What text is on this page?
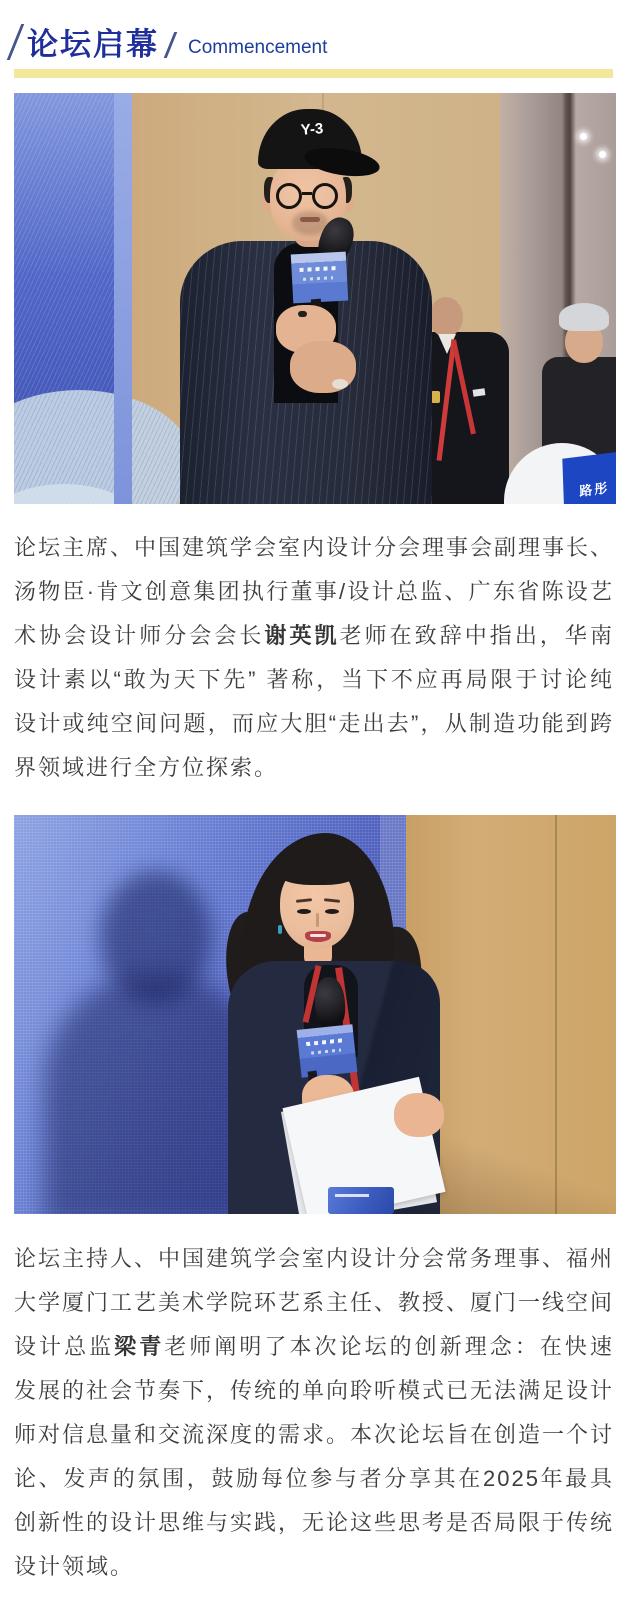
论坛启幕 Commencement
路彤
Y-3

论坛主席、中国建筑学会室内设计分会理事会副理事长、汤物臣·肯文创意集团执行董事/设计总监、广东省陈设艺术协会设计师分会会长谢英凯老师在致辞中指出，华南设计素以“敢为天下先” 著称，当下不应再局限于讨论纯设计或纯空间问题，而应大胆“走出去”，从制造功能到跨界领域进行全方位探索。

论坛主持人、中国建筑学会室内设计分会常务理事、福州大学厦门工艺美术学院环艺系主任、教授、厦门一线空间设计总监梁青老师阐明了本次论坛的创新理念：在快速发展的社会节奏下，传统的单向聆听模式已无法满足设计师对信息量和交流深度的需求。本次论坛旨在创造一个讨论、发声的氛围，鼓励每位参与者分享其在2025年最具创新性的设计思维与实践，无论这些思考是否局限于传统设计领域。
